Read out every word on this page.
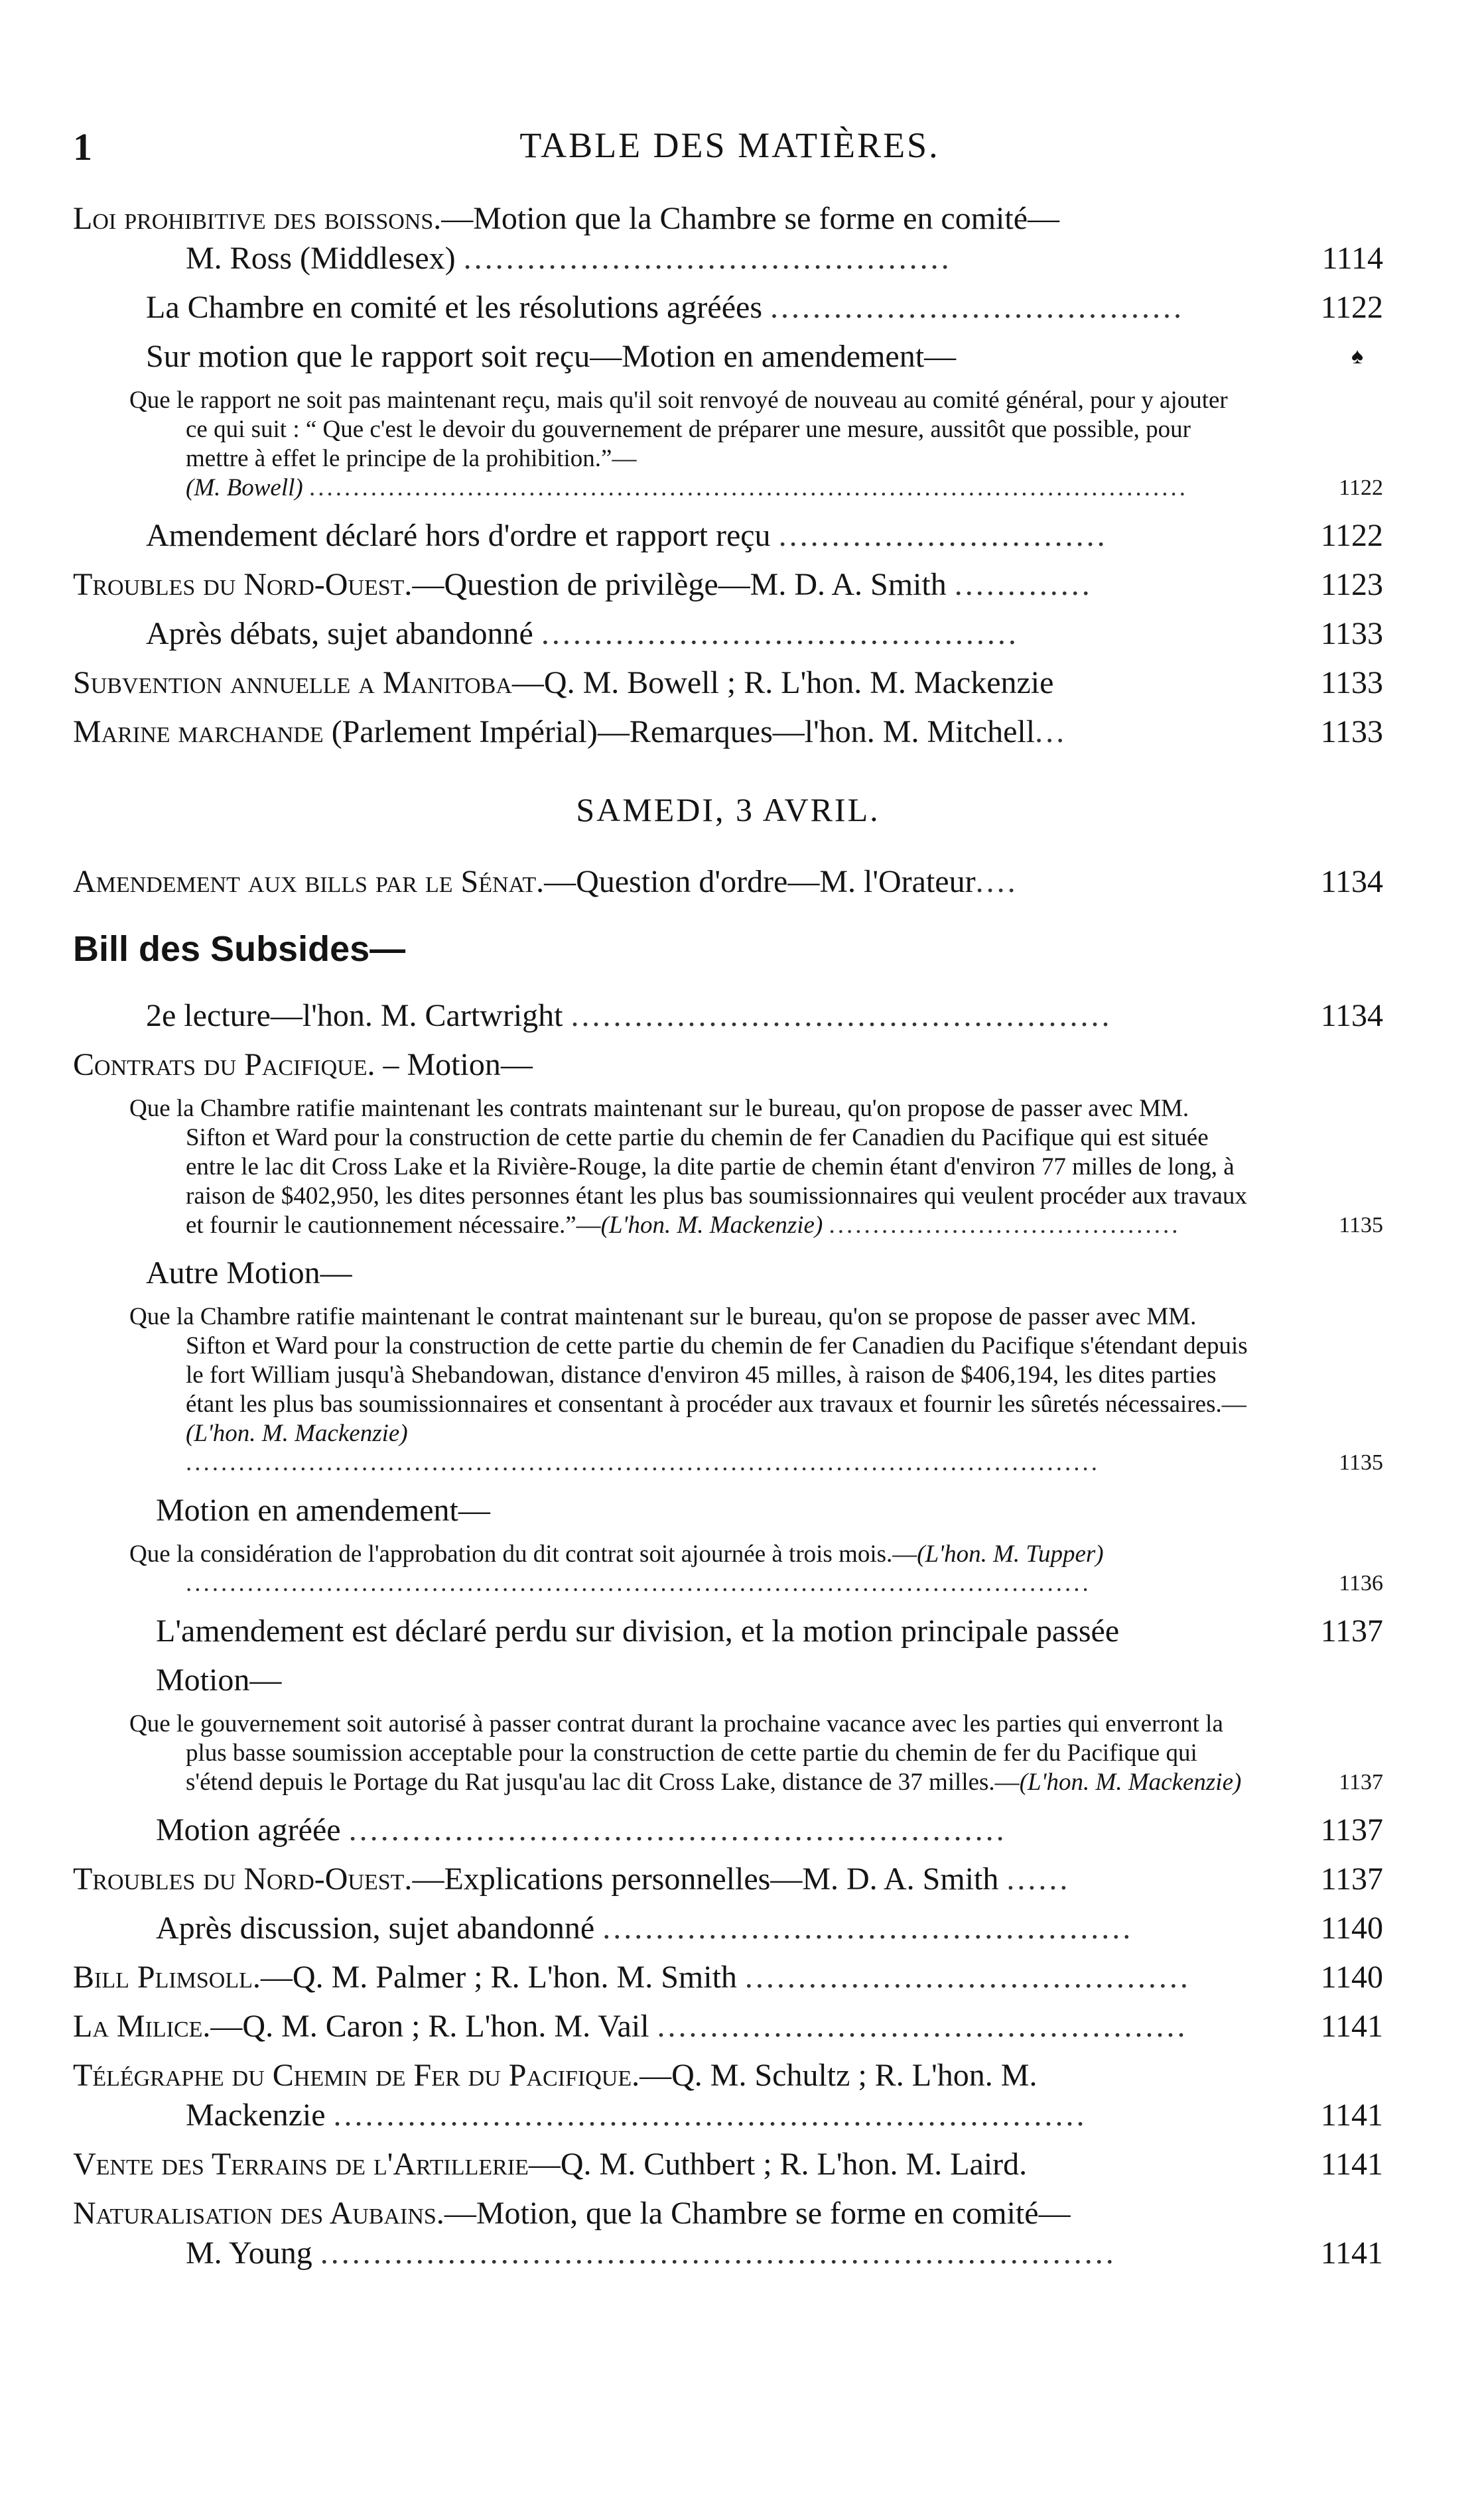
1	TABLE DES MATIÈRES.
Loi prohibitive des boissons.—Motion que la Chambre se forme en comité—
M. Ross (Middlesex) ..............................................	1114
La Chambre en comité et les résolutions agréées .......................................	1122
Sur motion que le rapport soit reçu—Motion en amendement—	♠
Que le rapport ne soit pas maintenant reçu, mais qu'il soit renvoyé de nouveau au comité général, pour y ajouter ce qui suit : “ Que c'est le devoir du gouvernement de préparer une mesure, aussitôt que possible, pour mettre à effet le principe de la prohibition.”—
(M. Bowell) ....................................................................................................	1122
Amendement déclaré hors d'ordre et rapport reçu ...............................	1122
Troubles du Nord-Ouest.—Question de privilège—M. D. A. Smith .............	1123
Après débats, sujet abandonné .............................................	1133
Subvention annuelle a Manitoba—Q. M. Bowell ; R. L'hon. M. Mackenzie	1133
Marine marchande (Parlement Impérial)—Remarques—l'hon. M. Mitchell...	1133
SAMEDI, 3 AVRIL.
Amendement aux bills par le Sénat.—Question d'ordre—M. l'Orateur....	1134
Bill des Subsides—
2e lecture—l'hon. M. Cartwright ...................................................	1134
Contrats du Pacifique. – Motion—
Que la Chambre ratifie maintenant les contrats maintenant sur le bureau, qu'on propose de passer avec MM. Sifton et Ward pour la construction de cette partie du chemin de fer Canadien du Pacifique qui est située entre le lac dit Cross Lake et la Rivière-Rouge, la dite partie de chemin étant d'environ 77 milles de long, à raison de $402,950, les dites personnes étant les plus bas soumissionnaires qui veulent procéder aux travaux et fournir le cautionnement nécessaire.”—(L'hon. M. Mackenzie) ........................................	1135
Autre Motion—
Que la Chambre ratifie maintenant le contrat maintenant sur le bureau, qu'on se propose de passer avec MM. Sifton et Ward pour la construction de cette partie du chemin de fer Canadien du Pacifique s'étendant depuis le fort William jusqu'à Shebandowan, distance d'environ 45 milles, à raison de $406,194, les dites parties étant les plus bas soumissionnaires et consentant à procéder aux travaux et fournir les sûretés nécessaires.—
(L'hon. M. Mackenzie) ........................................................................................................	1135
Motion en amendement—
Que la considération de l'approbation du dit contrat soit ajournée à trois mois.—(L'hon. M. Tupper) .......................................................................................................	1136
L'amendement est déclaré perdu sur division, et la motion principale passée	1137
Motion—
Que le gouvernement soit autorisé à passer contrat durant la prochaine vacance avec les parties qui enverront la plus basse soumission acceptable pour la construction de cette partie du chemin de fer du Pacifique qui s'étend depuis le Portage du Rat jusqu'au lac dit Cross Lake, distance de 37 milles.—(L'hon. M. Mackenzie)	1137
Motion agréée ..............................................................	1137
Troubles du Nord-Ouest.—Explications personnelles—M. D. A. Smith ......	1137
Après discussion, sujet abandonné ..................................................	1140
Bill Plimsoll.—Q. M. Palmer ; R. L'hon. M. Smith ..........................................	1140
La Milice.—Q. M. Caron ; R. L'hon. M. Vail ..................................................	1141
Télégraphe du Chemin de Fer du Pacifique.—Q. M. Schultz ; R. L'hon. M.
Mackenzie .......................................................................	1141
Vente des Terrains de l'Artillerie—Q. M. Cuthbert ; R. L'hon. M. Laird.	1141
Naturalisation des Aubains.—Motion, que la Chambre se forme en comité—
M. Young ...........................................................................	1141
